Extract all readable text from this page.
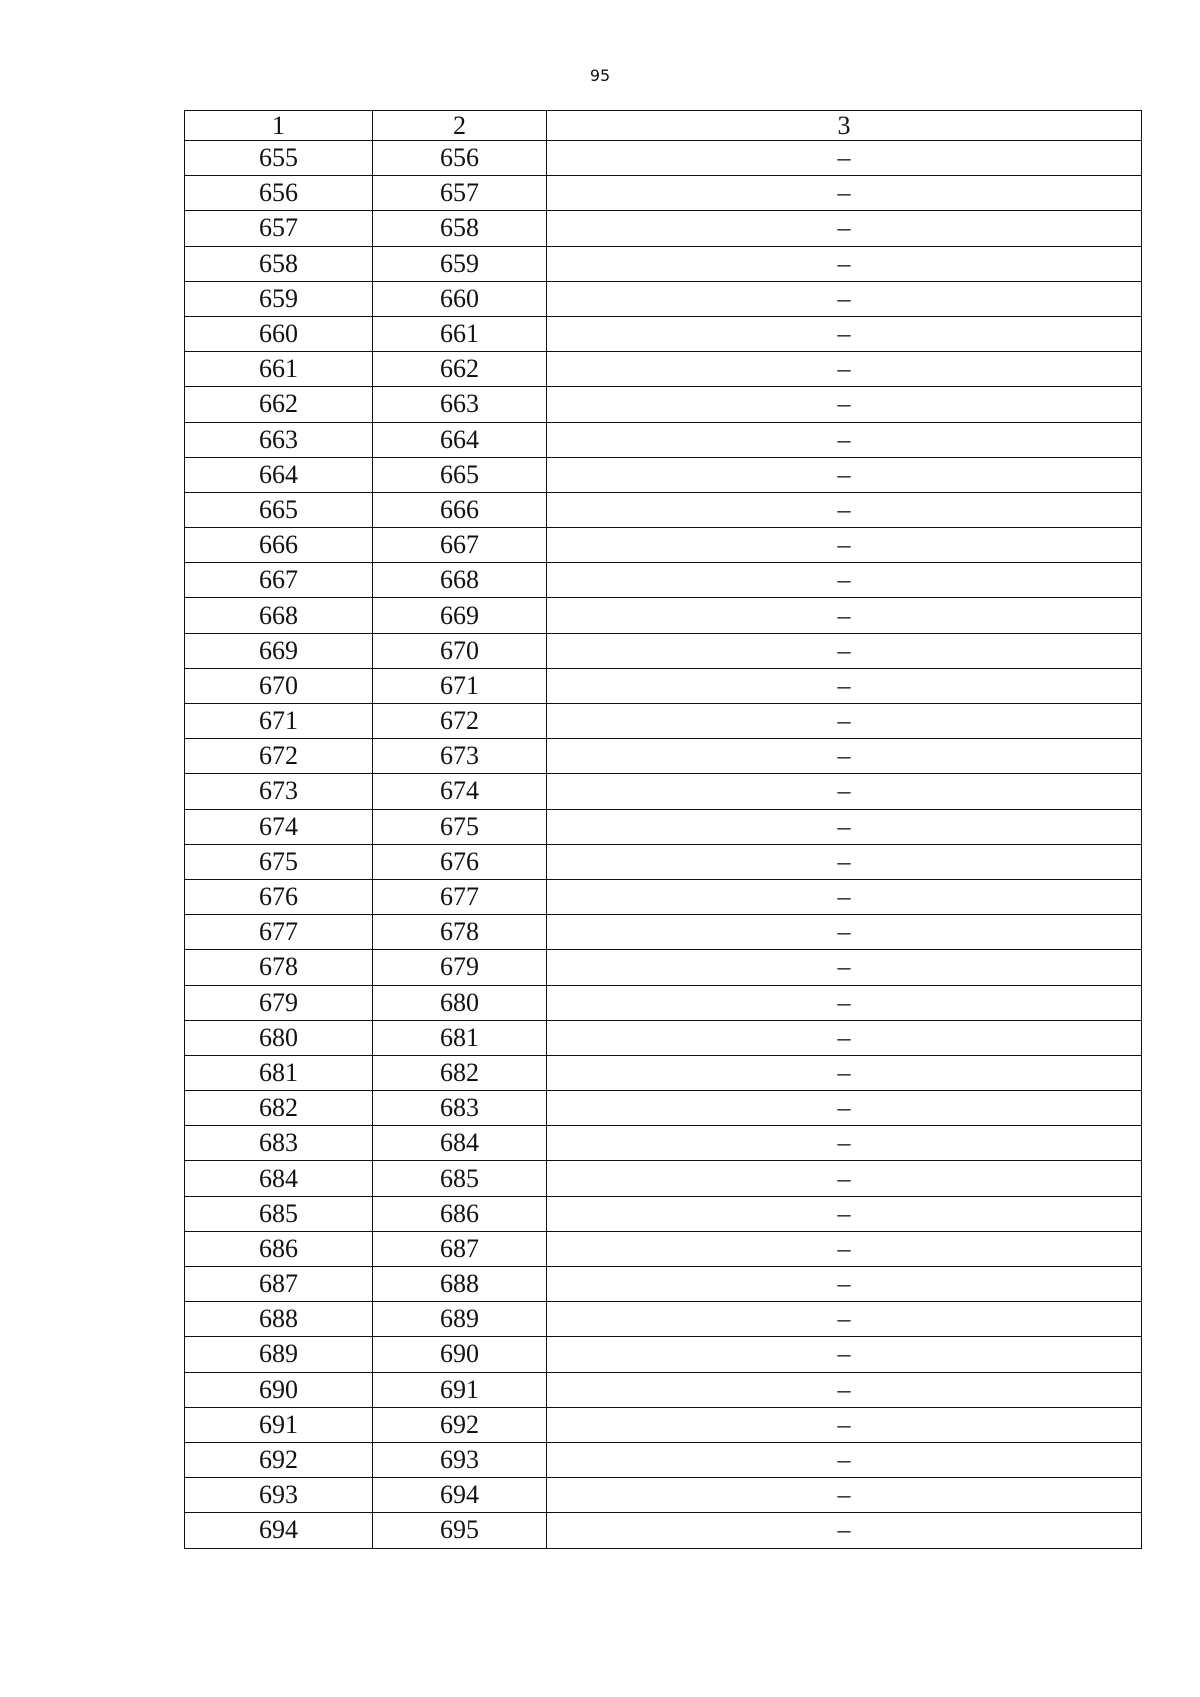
95
1	2	3
655	656	–
656	657	–
657	658	–
658	659	–
659	660	–
660	661	–
661	662	–
662	663	–
663	664	–
664	665	–
665	666	–
666	667	–
667	668	–
668	669	–
669	670	–
670	671	–
671	672	–
672	673	–
673	674	–
674	675	–
675	676	–
676	677	–
677	678	–
678	679	–
679	680	–
680	681	–
681	682	–
682	683	–
683	684	–
684	685	–
685	686	–
686	687	–
687	688	–
688	689	–
689	690	–
690	691	–
691	692	–
692	693	–
693	694	–
694	695	–
